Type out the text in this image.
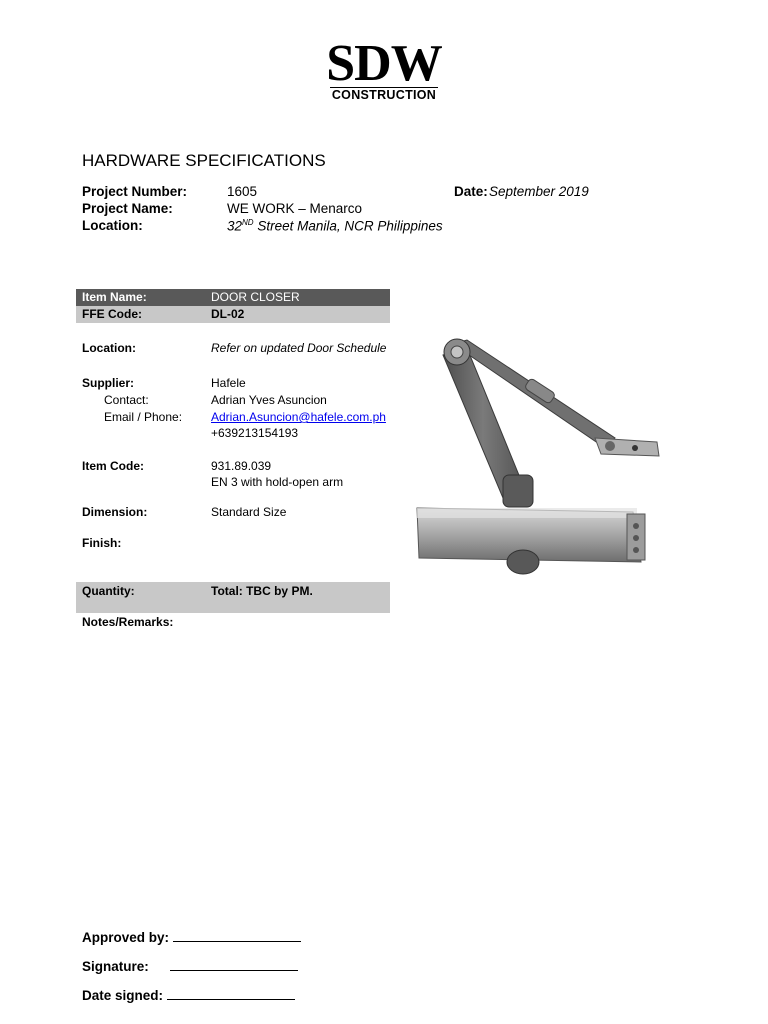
SDW
CONSTRUCTION
HARDWARE SPECIFICATIONS
Project Number:	1605	Date: September 2019
Project Name:	WE WORK – Menarco
Location:	32ND Street Manila, NCR Philippines
Item Name:	DOOR CLOSER
FFE Code:	DL-02
Location:	Refer on updated Door Schedule
Supplier:	Hafele
Contact:	Adrian Yves Asuncion
Email / Phone: Adrian.Asuncion@hafele.com.ph
+639213154193
Item Code:	931.89.039
EN 3 with hold-open arm
Dimension:	Standard Size
Finish:
Quantity:	Total: TBC by PM.
Notes/Remarks:
Approved by:
Signature:
Date signed:
